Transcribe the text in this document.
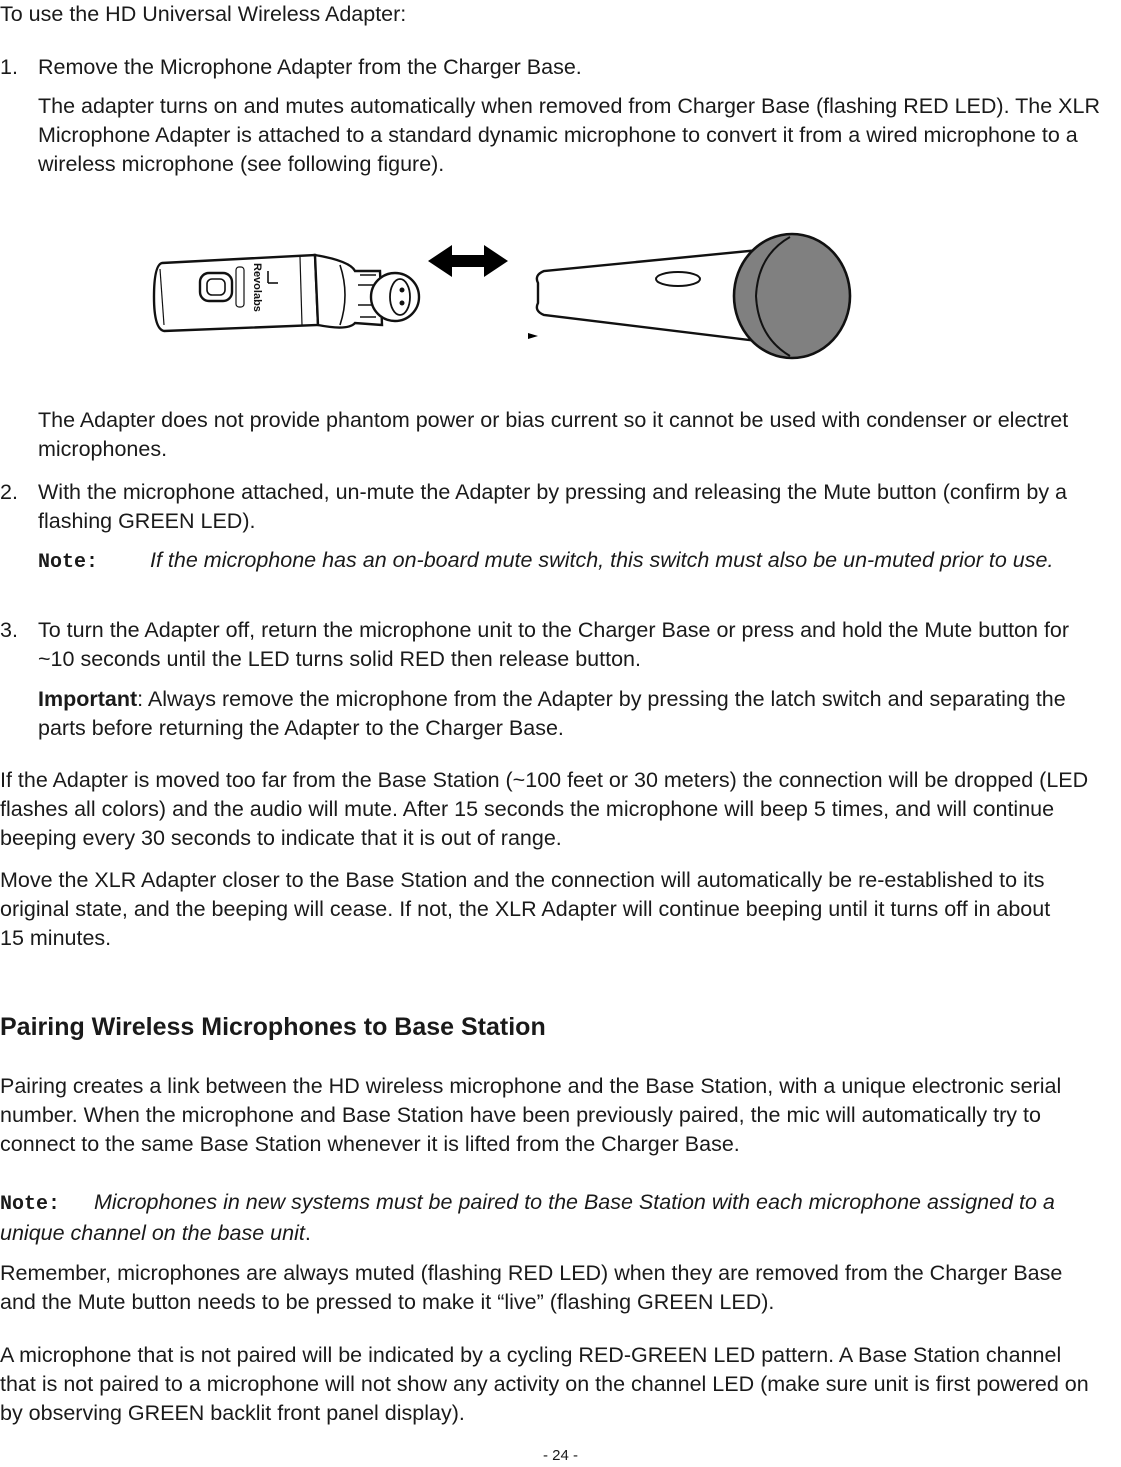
To use the HD Universal Wireless Adapter:

1. Remove the Microphone Adapter from the Charger Base.

The adapter turns on and mutes automatically when removed from Charger Base (flashing RED LED). The XLR Microphone Adapter is attached to a standard dynamic microphone to convert it from a wired microphone to a wireless microphone (see following figure).

Revolabs

The Adapter does not provide phantom power or bias current so it cannot be used with condenser or electret microphones.

2. With the microphone attached, un-mute the Adapter by pressing and releasing the Mute button (confirm by a flashing GREEN LED).

Note: If the microphone has an on-board mute switch, this switch must also be un-muted prior to use.

3. To turn the Adapter off, return the microphone unit to the Charger Base or press and hold the Mute button for ~10 seconds until the LED turns solid RED then release button.

Important: Always remove the microphone from the Adapter by pressing the latch switch and separating the parts before returning the Adapter to the Charger Base.

If the Adapter is moved too far from the Base Station (~100 feet or 30 meters) the connection will be dropped (LED flashes all colors) and the audio will mute. After 15 seconds the microphone will beep 5 times, and will continue beeping every 30 seconds to indicate that it is out of range.

Move the XLR Adapter closer to the Base Station and the connection will automatically be re-established to its original state, and the beeping will cease. If not, the XLR Adapter will continue beeping until it turns off in about 15 minutes.

Pairing Wireless Microphones to Base Station

Pairing creates a link between the HD wireless microphone and the Base Station, with a unique electronic serial number. When the microphone and Base Station have been previously paired, the mic will automatically try to connect to the same Base Station whenever it is lifted from the Charger Base.

Note: Microphones in new systems must be paired to the Base Station with each microphone assigned to a unique channel on the base unit.

Remember, microphones are always muted (flashing RED LED) when they are removed from the Charger Base and the Mute button needs to be pressed to make it “live” (flashing GREEN LED).

A microphone that is not paired will be indicated by a cycling RED-GREEN LED pattern. A Base Station channel that is not paired to a microphone will not show any activity on the channel LED (make sure unit is first powered on by observing GREEN backlit front panel display).

- 24 -
